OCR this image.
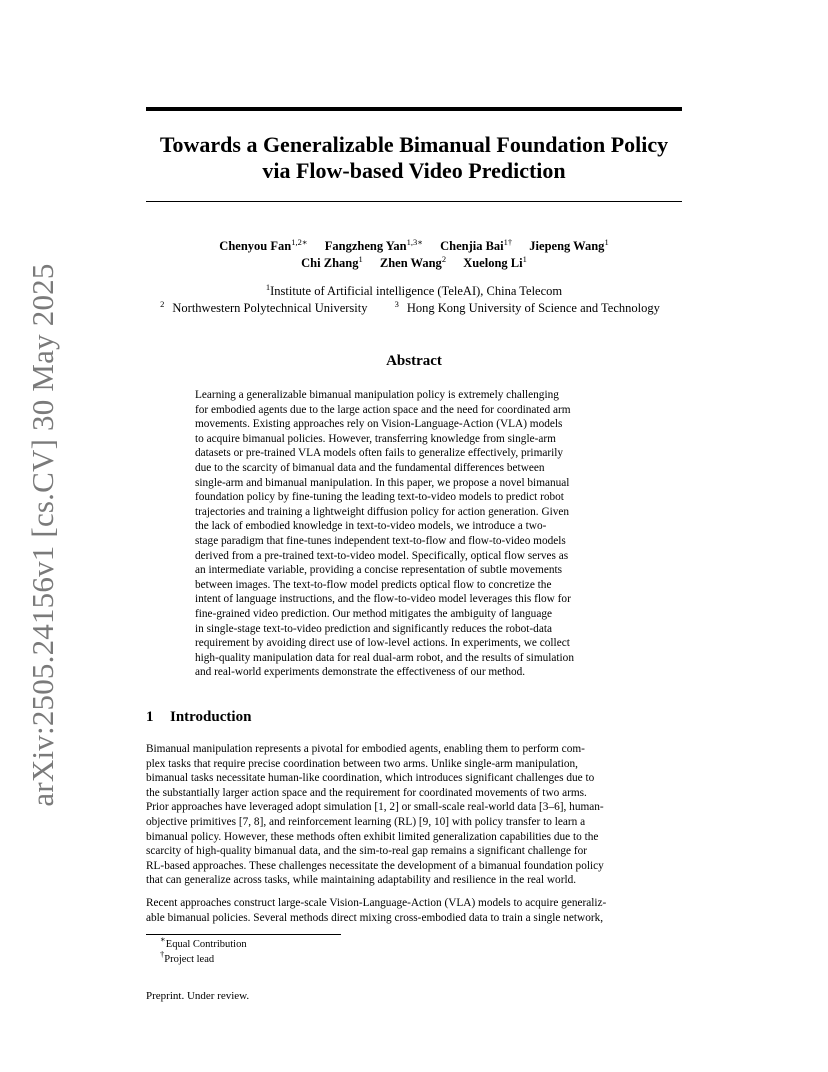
arXiv:2505.24156v1 [cs.CV] 30 May 2025
Towards a Generalizable Bimanual Foundation Policy
via Flow-based Video Prediction
Chenyou Fan$^{1,2∗}$ Fangzheng Yan$^{1,3∗}$ Chenjia Bai$^{1\dagger}$ Jiepeng Wang$^1$
Chi Zhang$^1$ Zhen Wang$^2$ Xuelong Li$^1$
$^1$Institute of Artificial intelligence (TeleAI), China Telecom
$^2$ Northwestern Polytechnical University	$^3$ Hong Kong University of Science and Technology
Abstract
Learning a generalizable bimanual manipulation policy is extremely challenging
for embodied agents due to the large action space and the need for coordinated arm
movements. Existing approaches rely on Vision-Language-Action (VLA) models
to acquire bimanual policies. However, transferring knowledge from single-arm
datasets or pre-trained VLA models often fails to generalize effectively, primarily
due to the scarcity of bimanual data and the fundamental differences between
single-arm and bimanual manipulation. In this paper, we propose a novel bimanual
foundation policy by fine-tuning the leading text-to-video models to predict robot
trajectories and training a lightweight diffusion policy for action generation. Given
the lack of embodied knowledge in text-to-video models, we introduce a two-
stage paradigm that fine-tunes independent text-to-flow and flow-to-video models
derived from a pre-trained text-to-video model. Specifically, optical flow serves as
an intermediate variable, providing a concise representation of subtle movements
between images. The text-to-flow model predicts optical flow to concretize the
intent of language instructions, and the flow-to-video model leverages this flow for
fine-grained video prediction. Our method mitigates the ambiguity of language
in single-stage text-to-video prediction and significantly reduces the robot-data
requirement by avoiding direct use of low-level actions. In experiments, we collect
high-quality manipulation data for real dual-arm robot, and the results of simulation
and real-world experiments demonstrate the effectiveness of our method.
1 Introduction
Bimanual manipulation represents a pivotal for embodied agents, enabling them to perform com-
plex tasks that require precise coordination between two arms. Unlike single-arm manipulation,
bimanual tasks necessitate human-like coordination, which introduces significant challenges due to
the substantially larger action space and the requirement for coordinated movements of two arms.
Prior approaches have leveraged adopt simulation [1, 2] or small-scale real-world data [3–6], human-
objective primitives [7, 8], and reinforcement learning (RL) [9, 10] with policy transfer to learn a
bimanual policy. However, these methods often exhibit limited generalization capabilities due to the
scarcity of high-quality bimanual data, and the sim-to-real gap remains a significant challenge for
RL-based approaches. These challenges necessitate the development of a bimanual foundation policy
that can generalize across tasks, while maintaining adaptability and resilience in the real world.
Recent approaches construct large-scale Vision-Language-Action (VLA) models to acquire generaliz-
able bimanual policies. Several methods direct mixing cross-embodied data to train a single network,
∗Equal Contribution
†Project lead
Preprint. Under review.
